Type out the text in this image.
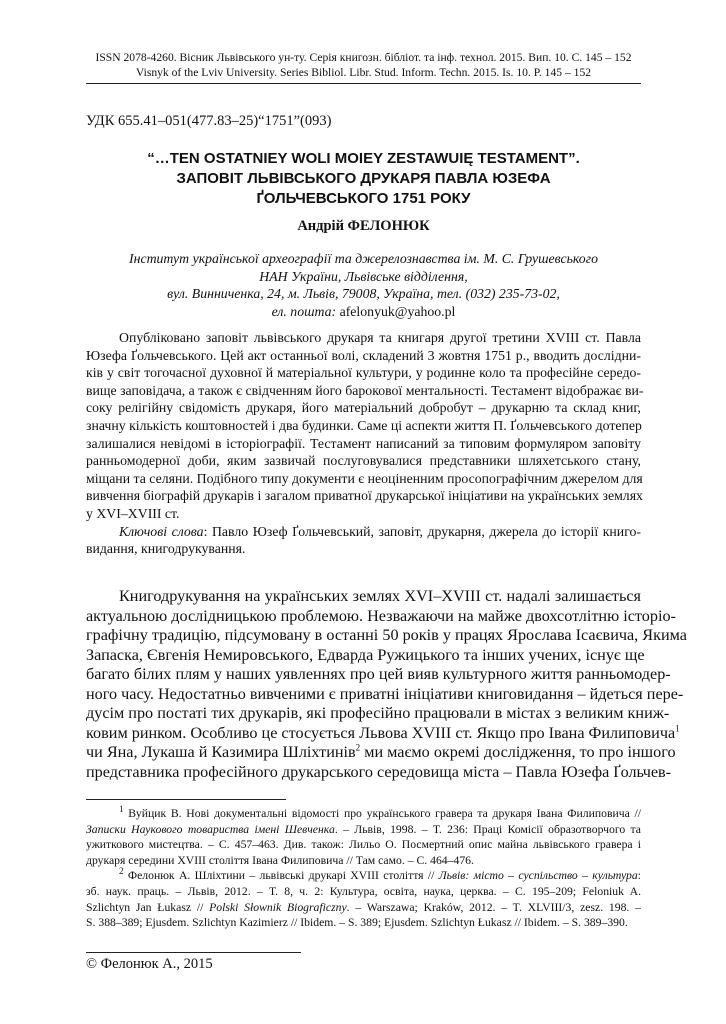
ISSN 2078-4260. Вісник Львівського ун-ту. Серія книгозн. бібліот. та інф. технол. 2015. Вип. 10. С. 145 – 152
Visnyk of the Lviv University. Series Bibliol. Libr. Stud. Inform. Techn. 2015. Is. 10. P. 145 – 152
УДК 655.41–051(477.83–25)“1751”(093)
“…TEN OSTATNIEY WOLI MOIEY ZESTAWUIĘ TESTAMENT”.
ЗАПОВІТ ЛЬВІВСЬКОГО ДРУКАРЯ ПАВЛА ЮЗЕФА
ҐОЛЬЧЕВСЬКОГО 1751 РОКУ
Андрій ФЕЛОНЮК
Інститут української археографії та джерелознавства ім. М. С. Грушевського
НАН України, Львівське відділення,
вул. Винниченка, 24, м. Львів, 79008, Україна, тел. (032) 235-73-02,
ел. пошта: afelonyuk@yahoo.pl
Опубліковано заповіт львівського друкаря та книгаря другої третини XVIII ст. Павла
Юзефа Ґольчевського. Цей акт останньої волі, складений 3 жовтня 1751 р., вводить дослідни-
ків у світ тогочасної духовної й матеріальної культури, у родинне коло та професійне середо-
вище заповідача, а також є свідченням його барокової ментальності. Тестамент відображає ви-
соку релігійну свідомість друкаря, його матеріальний добробут – друкарню та склад книг,
значну кількість коштовностей і два будинки. Саме ці аспекти життя П. Ґольчевського дотепер
залишалися невідомі в історіографії. Тестамент написаний за типовим формуляром заповіту
ранньомодерної доби, яким зазвичай послуговувалися представники шляхетського стану,
міщани та селяни. Подібного типу документи є неоціненним просопографічним джерелом для
вивчення біографій друкарів і загалом приватної друкарської ініціативи на українських землях
у XVI–XVIII ст.
Ключові слова: Павло Юзеф Ґольчевський, заповіт, друкарня, джерела до історії книго-
видання, книгодрукування.
Книгодрукування на українських землях XVI–XVIII ст. надалі залишається
актуальною дослідницькою проблемою. Незважаючи на майже двохсотлітню історіо-
графічну традицію, підсумовану в останні 50 років у працях Ярослава Ісаєвича, Якима
Запаска, Євгенія Немировського, Едварда Ружицького та інших учених, існує ще
багато білих плям у наших уявленнях про цей вияв культурного життя ранньомодер-
ного часу. Недостатньо вивченими є приватні ініціативи книговидання – йдеться пере-
дусім про постаті тих друкарів, які професійно працювали в містах з великим книж-
ковим ринком. Особливо це стосується Львова XVIII ст. Якщо про Івана Филиповича$^1$
чи Яна, Лукаша й Казимира Шліхтинів$^2$ ми маємо окремі дослідження, то про іншого
представника професійного друкарського середовища міста – Павла Юзефа Ґольчев-
$^1$ Вуйцик В. Нові документальні відомості про українського гравера та друкаря Івана Филиповича //
Записки Наукового товариства імені Шевченка. – Львів, 1998. – Т. 236: Праці Комісії образотворчого та
ужиткового мистецтва. – С. 457–463. Див. також: Лильо О. Посмертний опис майна львівського гравера і
друкаря середини XVIII століття Івана Филиповича // Там само. – С. 464–476.
$^2$ Фелонюк А. Шліхтини – львівські друкарі XVIII століття // Львів: місто – суспільство – культура:
зб. наук. праць. – Львів, 2012. – Т. 8, ч. 2: Культура, освіта, наука, церква. – С. 195–209; Feloniuk A.
Szlichtyn Jan Łukasz // Polski Słownik Biograficzny. – Warszawa; Kraków, 2012. – T. XLVIII/3, zesz. 198. –
S. 388–389; Ejusdem. Szlichtyn Kazimierz // Ibidem. – S. 389; Ejusdem. Szlichtyn Łukasz // Ibidem. – S. 389–390.
© Фелонюк А., 2015
